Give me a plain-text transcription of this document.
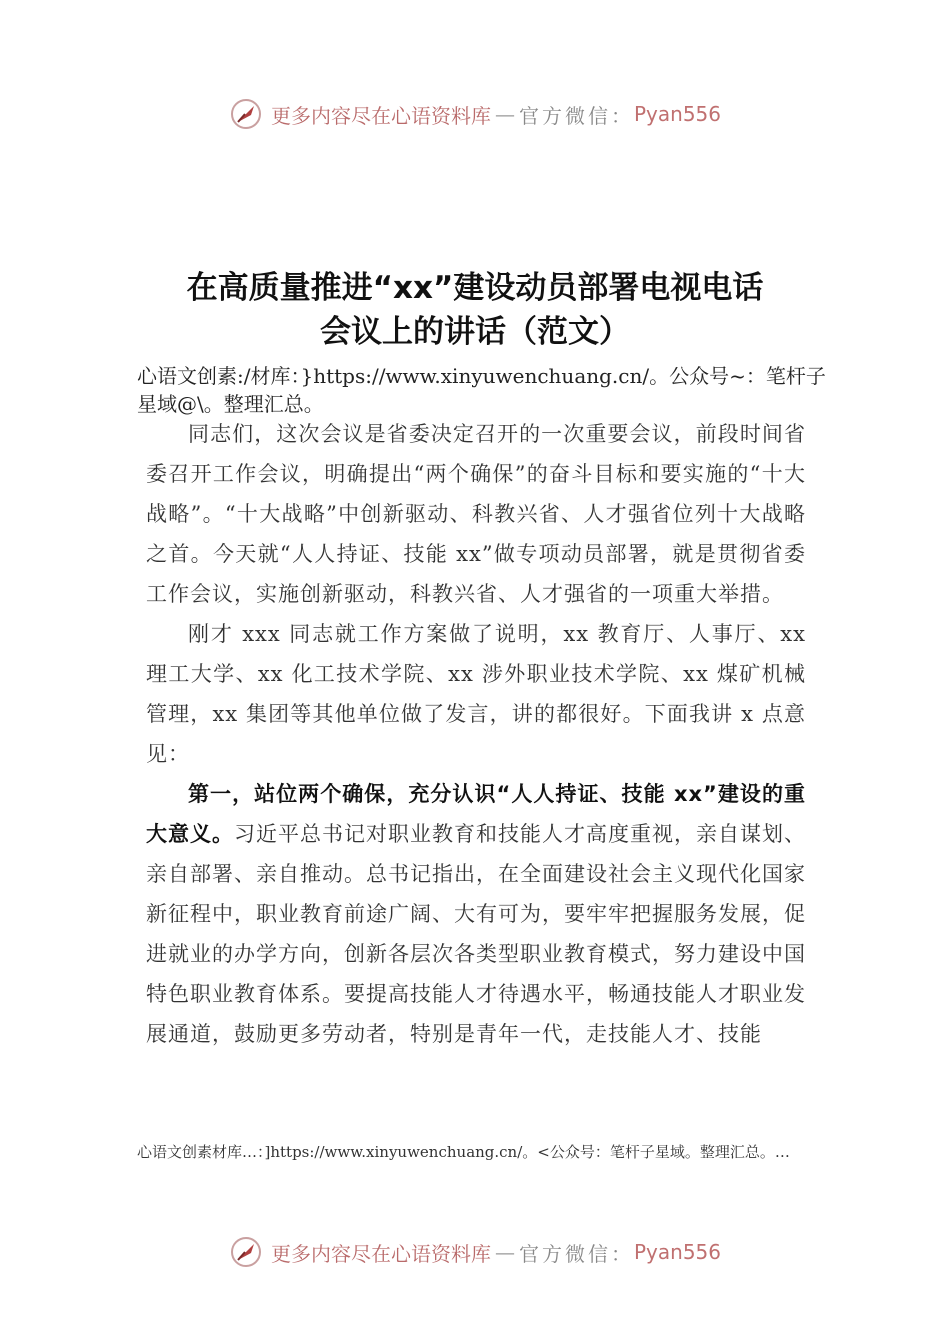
更多内容尽在心语资料库 — 官方微信： Pyan556
在高质量推进“xx”建设动员部署电视电话
会议上的讲话（范文）
心语文创素:/材库：}https://www.xinyuwenchuang.cn/。公众号~：笔杆子星域@\。整理汇总。

同志们，这次会议是省委决定召开的一次重要会议，前段时间省委召开工作会议，明确提出“两个确保”的奋斗目标和要实施的“十大战略”。“十大战略”中创新驱动、科教兴省、人才强省位列十大战略之首。今天就“人人持证、技能 xx”做专项动员部署，就是贯彻省委工作会议，实施创新驱动，科教兴省、人才强省的一项重大举措。

刚才 xxx 同志就工作方案做了说明，xx 教育厅、人事厅、xx 理工大学、xx 化工技术学院、xx 涉外职业技术学院、xx 煤矿机械管理，xx 集团等其他单位做了发言，讲的都很好。下面我讲 x 点意见：

第一，站位两个确保，充分认识“人人持证、技能 xx”建设的重大意义。习近平总书记对职业教育和技能人才高度重视，亲自谋划、亲自部署、亲自推动。总书记指出，在全面建设社会主义现代化国家新征程中，职业教育前途广阔、大有可为，要牢牢把握服务发展，促进就业的办学方向，创新各层次各类型职业教育模式，努力建设中国特色职业教育体系。要提高技能人才待遇水平，畅通技能人才职业发展通道，鼓励更多劳动者，特别是青年一代，走技能人才、技能

心语文创素材库…：]https://www.xinyuwenchuang.cn/。<公众号：笔杆子星域。整理汇总。…
更多内容尽在心语资料库 — 官方微信： Pyan556
